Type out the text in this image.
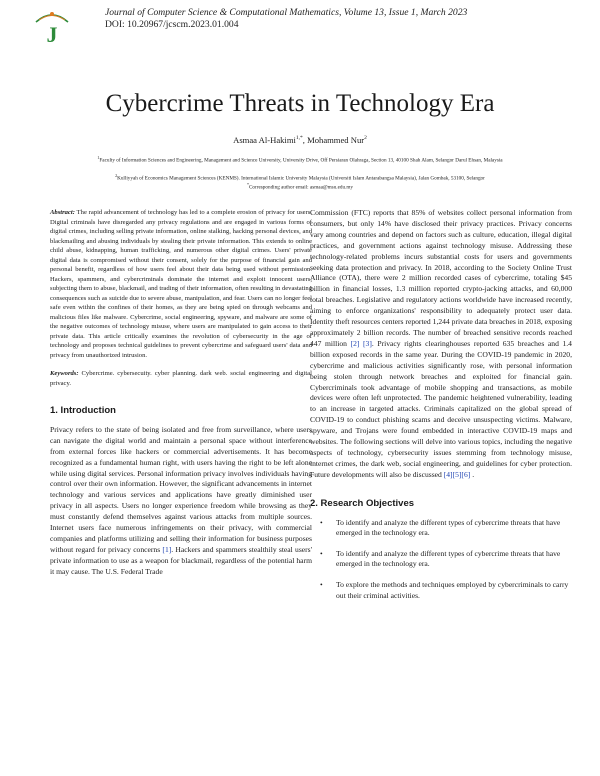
J
Journal of Computer Science & Computational Mathematics, Volume 13, Issue 1, March 2023
DOI: 10.20967/jcscm.2023.01.004
Cybercrime Threats in Technology Era
Asmaa Al-Hakimi$^{1,*}$, Mohammed Nur$^2$
$^1$Faculty of Information Sciences and Engineering, Management and Science University, University Drive, Off Persiaran Olahraga, Section 13, 40100 Shah Alam, Selangor Darul Ehsan, Malaysia
$^2$Kulliyyah of Economics Management Sciences (KENMS). International Islamic University Malaysia (Universiti Islam Antarabangsa Malaysia), Jalan Gombak, 53100, Selangor
*Corresponding author email: asmaa@msu.edu.my

Abstract: The rapid advancement of technology has led to a complete erosion of privacy for users. Digital criminals have disregarded any privacy regulations and are engaged in various forms of digital crimes, including selling private information, online stalking, hacking personal devices, and blackmailing and abusing individuals by stealing their private information. This extends to online child abuse, kidnapping, human trafficking, and numerous other digital crimes. Users' private digital data is compromised without their consent, solely for the purpose of financial gain and personal benefit, regardless of how users feel about their data being used without permission. Hackers, spammers, and cybercriminals dominate the internet and exploit innocent users, subjecting them to abuse, blackmail, and trading of their information, often resulting in devastating consequences such as suicide due to severe abuse, manipulation, and fear. Users can no longer feel safe even within the confines of their homes, as they are being spied on through webcams and malicious files like malware. Cybercrime, social engineering, spyware, and malware are some of the negative outcomes of technology misuse, where users are manipulated to gain access to their private data. This article critically examines the revolution of cybersecurity in the age of technology and proposes technical guidelines to prevent cybercrime and safeguard users' data and privacy from unauthorized intrusion.

Keywords: Cybercrime. cybersecuity. cyber planning. dark web. social engineering and digital privacy.

1. Introduction

Privacy refers to the state of being isolated and free from surveillance, where users can navigate the digital world and maintain a personal space without interference from external forces like hackers or commercial advertisements. It has become recognized as a fundamental human right, with users having the right to be left alone while using digital services. Personal information privacy involves individuals having control over their own information. However, the significant advancements in internet technology and various services and applications have greatly diminished user privacy in all aspects. Users no longer experience freedom while browsing as they must constantly defend themselves against various attacks from multiple sources. Internet users face numerous infringements on their privacy, with commercial companies and platforms utilizing and selling their information for business purposes without regard for privacy concerns [1]. Hackers and spammers stealthily steal users' private information to use as a weapon for blackmail, regardless of the potential harm it may cause. The U.S. Federal Trade

Commission (FTC) reports that 85% of websites collect personal information from consumers, but only 14% have disclosed their privacy practices. Privacy concerns vary among countries and depend on factors such as culture, education, illegal digital practices, and government actions against technology misuse. Addressing these technology-related problems incurs substantial costs for users and governments seeking data protection and privacy. In 2018, according to the Society Online Trust Alliance (OTA), there were 2 million recorded cases of cybercrime, totaling $45 billion in financial losses, 1.3 million reported crypto-jacking attacks, and 60,000 total breaches. Legislative and regulatory actions worldwide have increased recently, aiming to enforce organizations' responsibility to adequately protect user data. Identity theft resources centers reported 1,244 private data breaches in 2018, exposing approximately 2 billion records. The number of breached sensitive records reached 447 million [2] [3]. Privacy rights clearinghouses reported 635 breaches and 1.4 billion exposed records in the same year. During the COVID-19 pandemic in 2020, cybercrime and malicious activities significantly rose, with personal information being stolen through network breaches and exploited for financial gain. Cybercriminals took advantage of mobile shopping and transactions, as mobile devices were often left unprotected. The pandemic heightened vulnerability, leading to an increase in targeted attacks. Criminals capitalized on the global spread of COVID-19 to conduct phishing scams and deceive unsuspecting victims. Malware, spyware, and Trojans were found embedded in interactive COVID-19 maps and websites. The following sections will delve into various topics, including the negative aspects of technology, cybersecurity issues stemming from technology misuse, internet crimes, the dark web, social engineering, and guidelines for cyber protection. Future developments will also be discussed [4][5][6] .

2. Research Objectives
• To identify and analyze the different types of cybercrime threats that have emerged in the technology era.
• To identify and analyze the different types of cybercrime threats that have emerged in the technology era.
• To explore the methods and techniques employed by cybercriminals to carry out their criminal activities.
